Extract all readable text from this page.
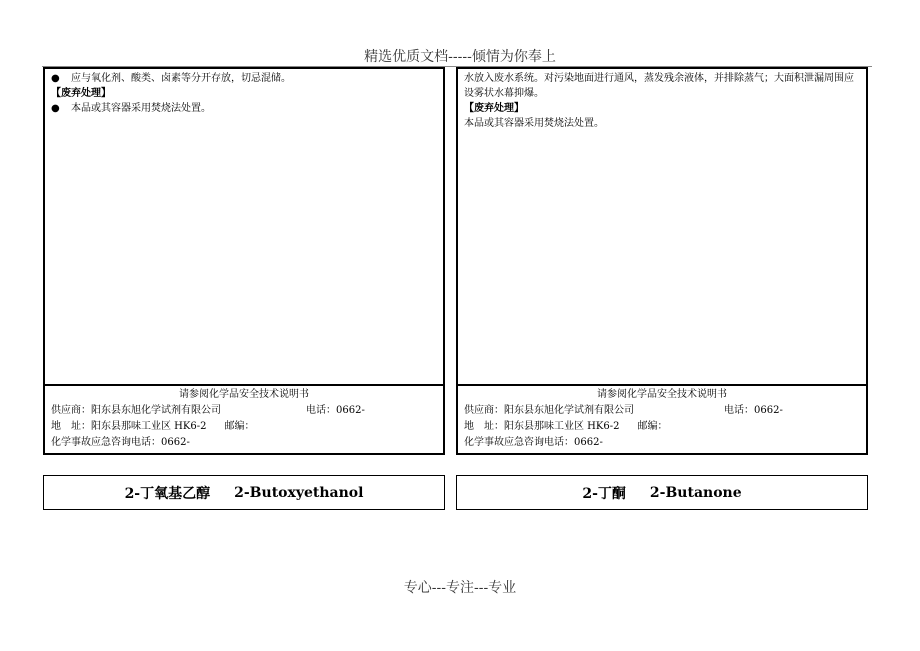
精选优质文档-----倾情为你奉上
● 应与氧化剂、酸类、卤素等分开存放，切忌混储。
【废弃处理】
● 本品或其容器采用焚烧法处置。
请参阅化学品安全技术说明书
供应商：阳东县东旭化学试剂有限公司	电话：0662-
地　址：阳东县那味工业区 HK6-2 邮编：
化学事故应急咨询电话：0662-
水放入废水系统。对污染地面进行通风，蒸发残余液体，并排除蒸气；大面积泄漏周围应设雾状水幕抑爆。
【废弃处理】
本品或其容器采用焚烧法处置。
请参阅化学品安全技术说明书
供应商：阳东县东旭化学试剂有限公司	电话：0662-
地　址：阳东县那味工业区 HK6-2 邮编：
化学事故应急咨询电话：0662-
2-丁氧基乙醇 2-Butoxyethanol	2-丁酮 2-Butanone
专心---专注---专业
